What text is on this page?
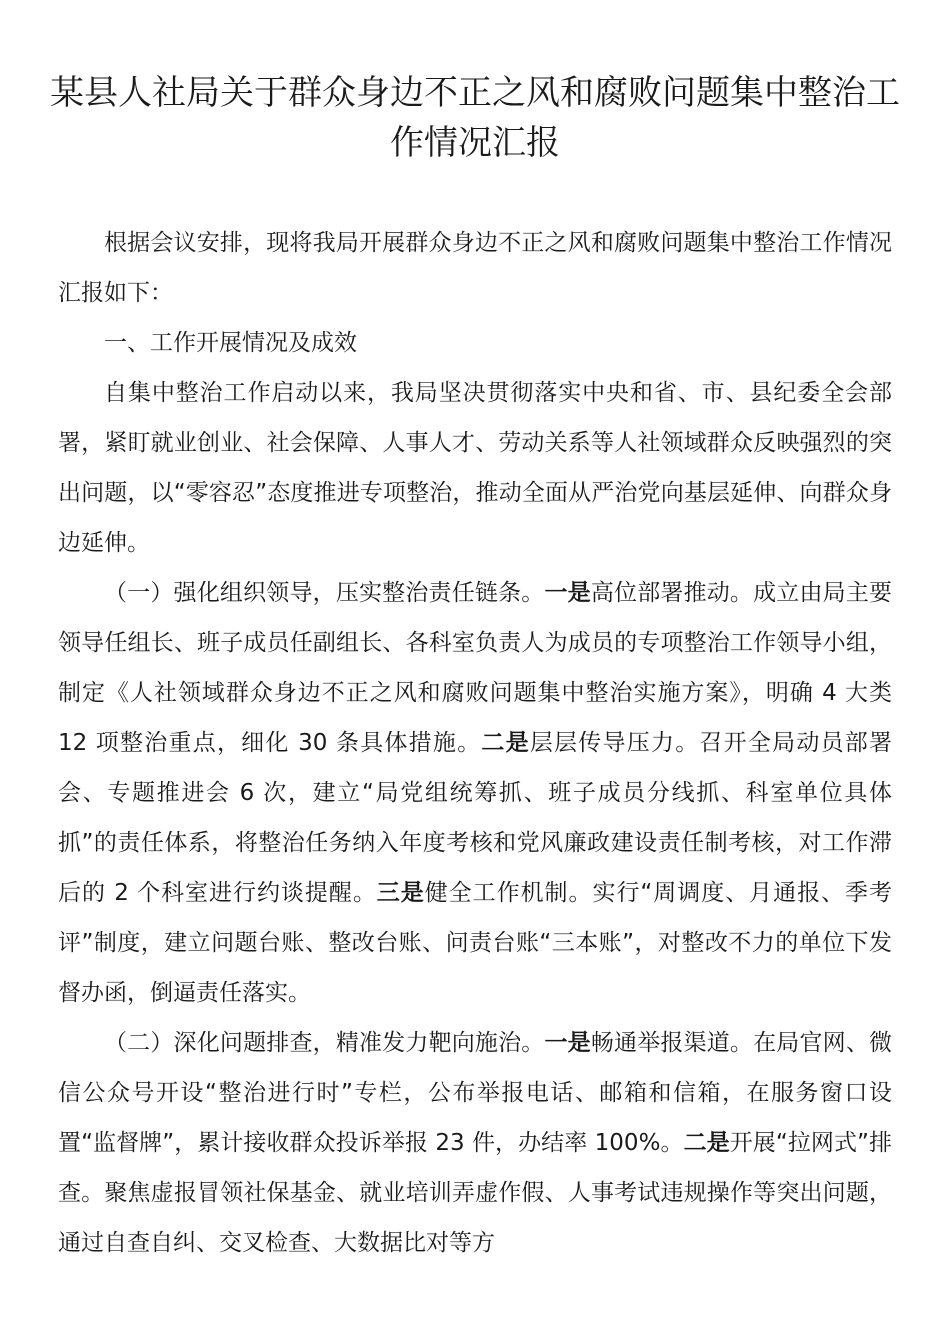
某县人社局关于群众身边不正之风和腐败问题集中整治工作情况汇报

根据会议安排，现将我局开展群众身边不正之风和腐败问题集中整治工作情况汇报如下：

一、工作开展情况及成效

自集中整治工作启动以来，我局坚决贯彻落实中央和省、市、县纪委全会部署，紧盯就业创业、社会保障、人事人才、劳动关系等人社领域群众反映强烈的突出问题，以“零容忍”态度推进专项整治，推动全面从严治党向基层延伸、向群众身边延伸。

（一）强化组织领导，压实整治责任链条。一是高位部署推动。成立由局主要领导任组长、班子成员任副组长、各科室负责人为成员的专项整治工作领导小组，制定《人社领域群众身边不正之风和腐败问题集中整治实施方案》，明确 4 大类 12 项整治重点，细化 30 条具体措施。二是层层传导压力。召开全局动员部署会、专题推进会 6 次，建立“局党组统筹抓、班子成员分线抓、科室单位具体抓”的责任体系，将整治任务纳入年度考核和党风廉政建设责任制考核，对工作滞后的 2 个科室进行约谈提醒。三是健全工作机制。实行“周调度、月通报、季考评”制度，建立问题台账、整改台账、问责台账“三本账”，对整改不力的单位下发督办函，倒逼责任落实。

（二）深化问题排查，精准发力靶向施治。一是畅通举报渠道。在局官网、微信公众号开设“整治进行时”专栏，公布举报电话、邮箱和信箱，在服务窗口设置“监督牌”，累计接收群众投诉举报 23 件，办结率 100%。二是开展“拉网式”排查。聚焦虚报冒领社保基金、就业培训弄虚作假、人事考试违规操作等突出问题，通过自查自纠、交叉检查、大数据比对等方
